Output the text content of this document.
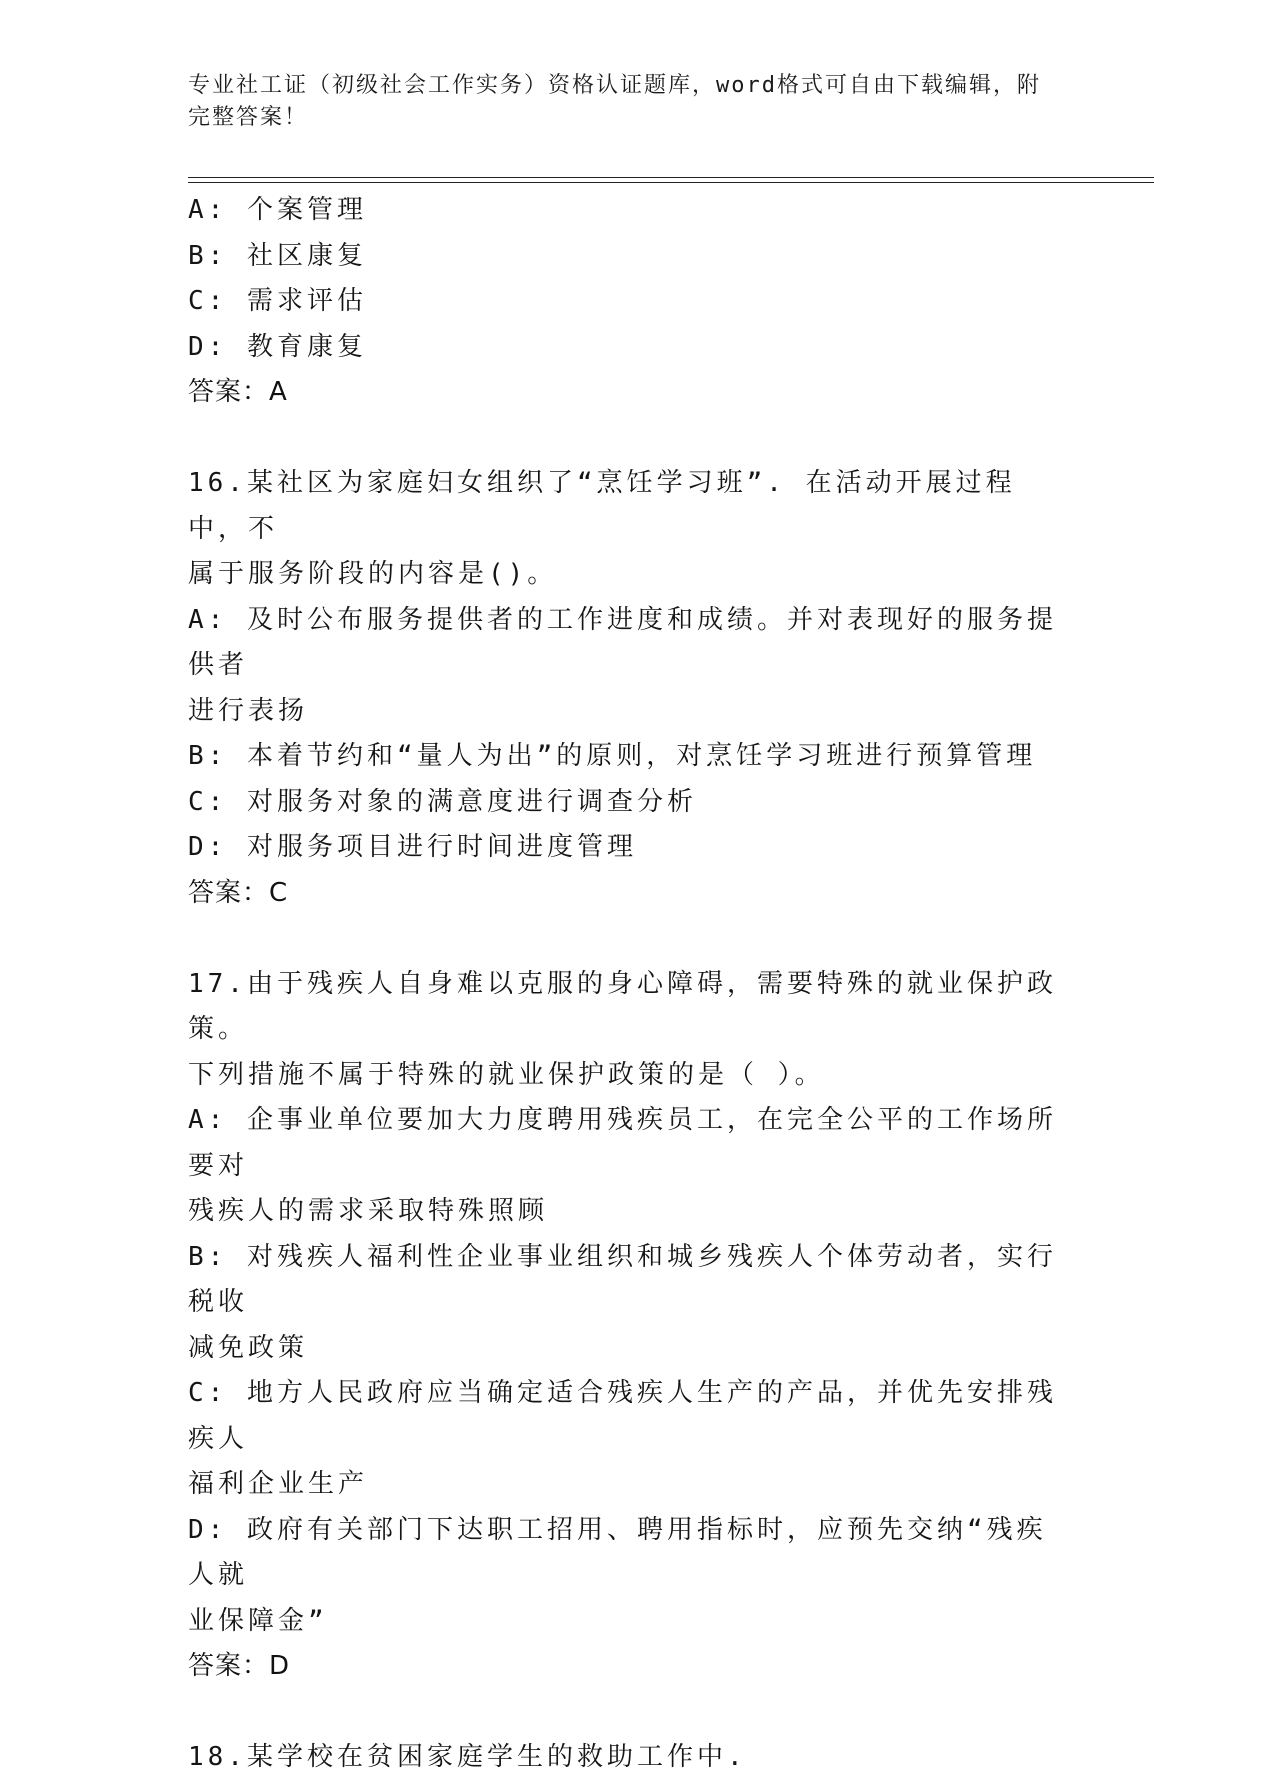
专业社工证（初级社会工作实务）资格认证题库，word格式可自由下载编辑，附
完整答案！
A: 个案管理
B: 社区康复
C: 需求评估
D: 教育康复
答案：A
16.某社区为家庭妇女组织了“烹饪学习班”. 在活动开展过程中，不
属于服务阶段的内容是()。
A: 及时公布服务提供者的工作进度和成绩。并对表现好的服务提供者
进行表扬
B: 本着节约和“量人为出”的原则，对烹饪学习班进行预算管理
C: 对服务对象的满意度进行调查分析
D: 对服务项目进行时间进度管理
答案：C
17.由于残疾人自身难以克服的身心障碍，需要特殊的就业保护政策。
下列措施不属于特殊的就业保护政策的是（ ）。
A: 企事业单位要加大力度聘用残疾员工，在完全公平的工作场所要对
残疾人的需求采取特殊照顾
B: 对残疾人福利性企业事业组织和城乡残疾人个体劳动者，实行税收
减免政策
C: 地方人民政府应当确定适合残疾人生产的产品，并优先安排残疾人
福利企业生产
D: 政府有关部门下达职工招用、聘用指标时，应预先交纳“残疾人就
业保障金”
答案：D
18.某学校在贫困家庭学生的救助工作中.
